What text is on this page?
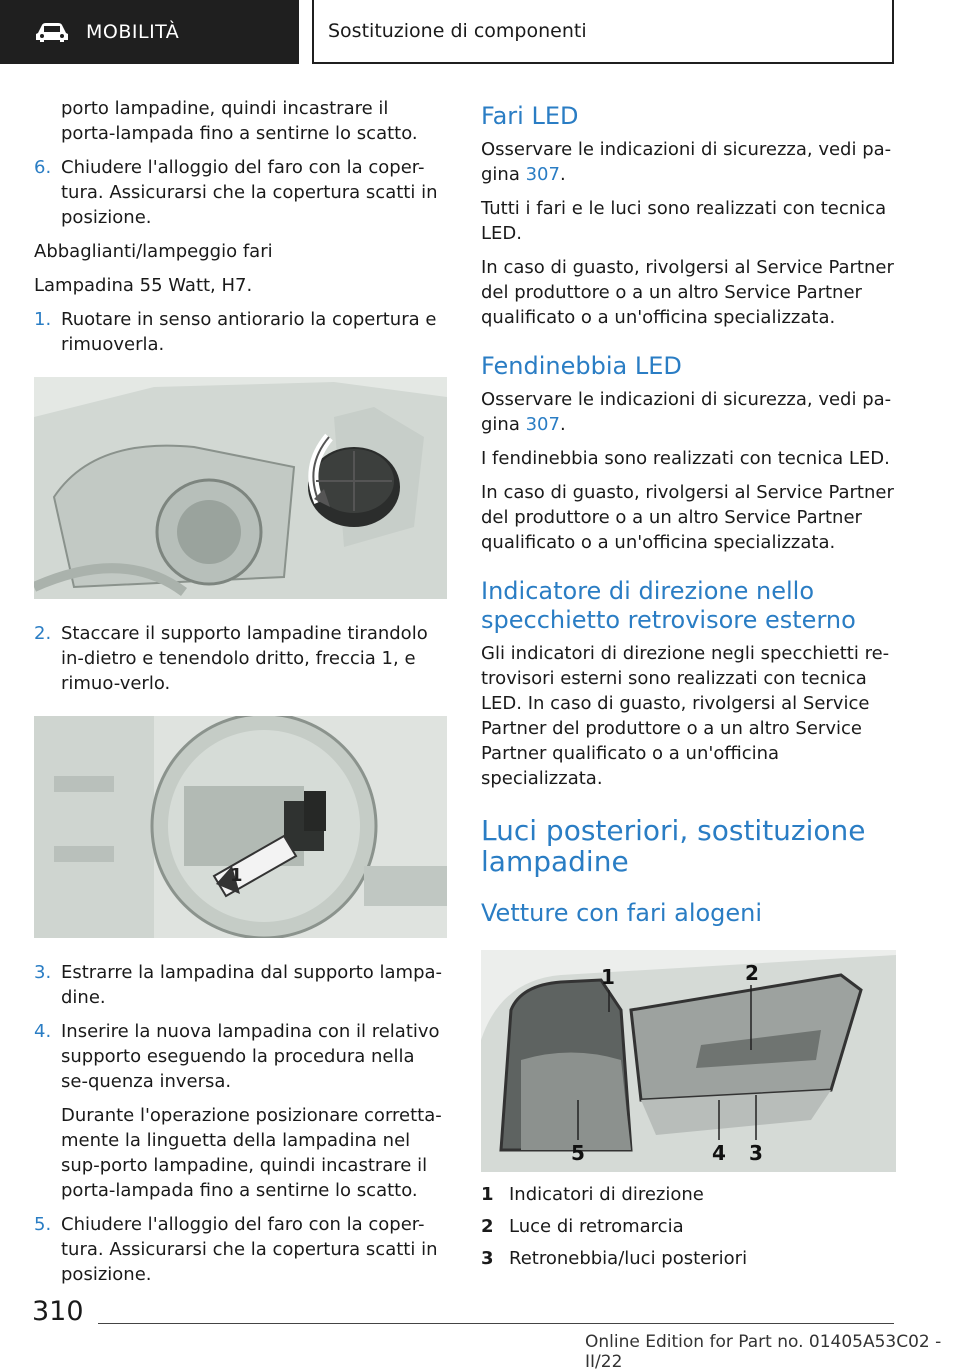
MOBILITÀ	Sostituzione di componenti

porto lampadine, quindi incastrare il porta-lampada fino a sentirne lo scatto.

6. Chiudere l'alloggio del faro con la coper-tura. Assicurarsi che la copertura scatti in posizione.

Abbaglianti/lampeggio fari

Lampadina 55 Watt, H7.

1. Ruotare in senso antiorario la copertura e rimuoverla.
2. Staccare il supporto lampadine tirandolo in-dietro e tenendolo dritto, freccia 1, e rimuo-verlo.
1
3. Estrarre la lampadina dal supporto lampa-dine.
4. Inserire la nuova lampadina con il relativo supporto eseguendo la procedura nella se-quenza inversa.

Durante l'operazione posizionare corretta-mente la linguetta della lampadina nel sup-porto lampadine, quindi incastrare il porta-lampada fino a sentirne lo scatto.

5. Chiudere l'alloggio del faro con la coper-tura. Assicurarsi che la copertura scatti in posizione.
Fari LED

Osservare le indicazioni di sicurezza, vedi pa-gina 307.

Tutti i fari e le luci sono realizzati con tecnica LED.

In caso di guasto, rivolgersi al Service Partner del produttore o a un altro Service Partner qualificato o a un'officina specializzata.

Fendinebbia LED

Osservare le indicazioni di sicurezza, vedi pa-gina 307.

I fendinebbia sono realizzati con tecnica LED.

In caso di guasto, rivolgersi al Service Partner del produttore o a un altro Service Partner qualificato o a un'officina specializzata.

Indicatore di direzione nello specchietto retrovisore esterno

Gli indicatori di direzione negli specchietti re-trovisori esterni sono realizzati con tecnica LED. In caso di guasto, rivolgersi al Service Partner del produttore o a un altro Service Partner qualificato o a un'officina specializzata.

Luci posteriori, sostituzione lampadine
Vetture con fari alogeni
1	2
3
4
5
1 Indicatori di direzione
2 Luce di retromarcia
3 Retronebbia/luci posteriori
310
Online Edition for Part no. 01405A53C02 - II/22
